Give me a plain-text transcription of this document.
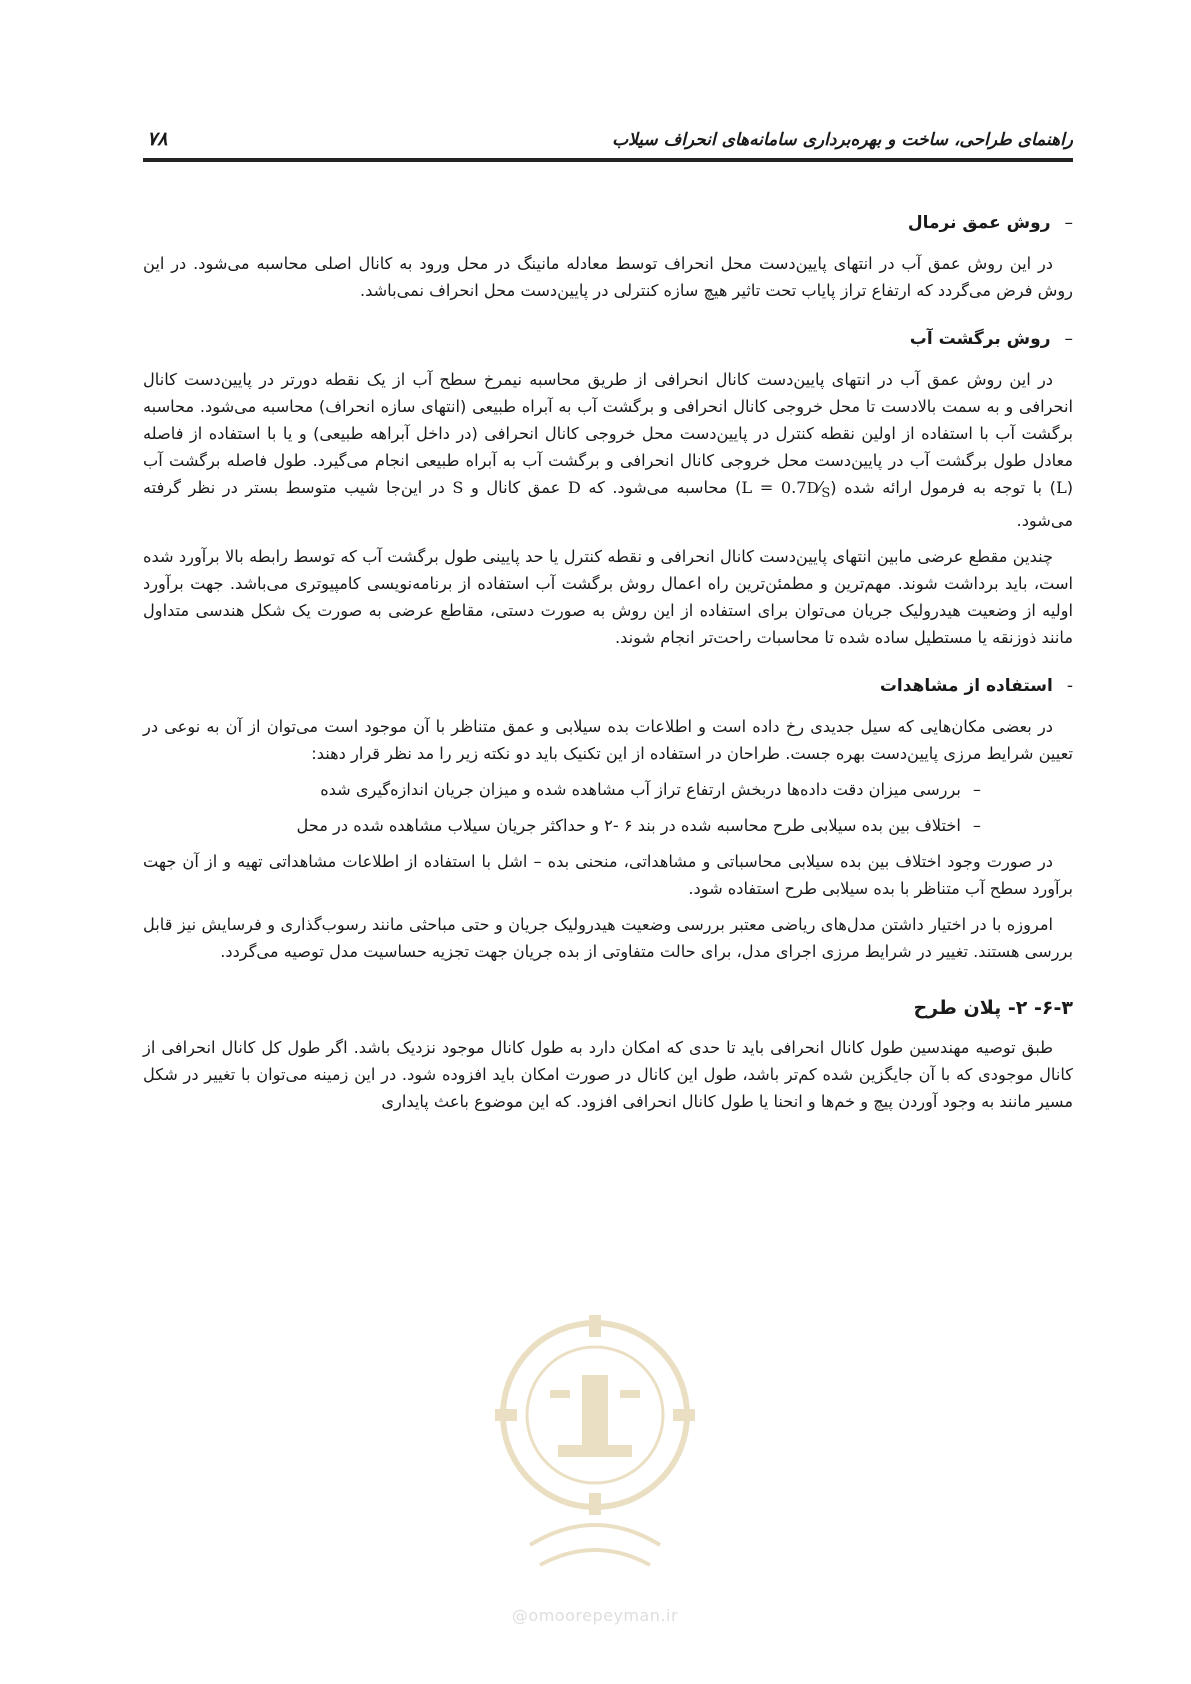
راهنمای طراحی، ساخت و بهره‌برداری سامانه‌های انحراف سیلاب
۷۸
–روش عمق نرمال

در این روش عمق آب در انتهای پایین‌دست محل انحراف توسط معادله مانینگ در محل ورود به کانال اصلی محاسبه می‌شود. در این روش فرض می‌گردد که ارتفاع تراز پایاب تحت تاثیر هیچ سازه کنترلی در پایین‌دست محل انحراف نمی‌باشد.

–روش برگشت آب

در این روش عمق آب در انتهای پایین‌دست کانال انحرافی از طریق محاسبه نیمرخ سطح آب از یک نقطه دورتر در پایین‌دست کانال انحرافی و به سمت بالادست تا محل خروجی کانال انحرافی و برگشت آب به آبراه طبیعی (انتهای سازه انحراف) محاسبه می‌شود. محاسبه برگشت آب با استفاده از اولین نقطه کنترل در پایین‌دست محل خروجی کانال انحرافی (در داخل آبراهه طبیعی) و یا با استفاده از فاصله معادل طول برگشت آب در پایین‌دست محل خروجی کانال انحرافی و برگشت آب به آبراه طبیعی انجام می‌گیرد. طول فاصله برگشت آب (L) با توجه به فرمول ارائه شده $(L = 0.7D⁄_S)$ محاسبه می‌شود. که D عمق کانال و S در این‌جا شیب متوسط بستر در نظر گرفته می‌شود.

چندین مقطع عرضی مابین انتهای پایین‌دست کانال انحرافی و نقطه کنترل یا حد پایینی طول برگشت آب که توسط رابطه بالا برآورد شده است، باید برداشت شوند. مهم‌ترین و مطمئن‌ترین راه اعمال روش برگشت آب استفاده از برنامه‌نویسی کامپیوتری می‌باشد. جهت برآورد اولیه از وضعیت هیدرولیک جریان می‌توان برای استفاده از این روش به صورت دستی، مقاطع عرضی به صورت یک شکل هندسی متداول مانند ذوزنقه یا مستطیل ساده شده تا محاسبات راحت‌تر انجام شوند.

-استفاده از مشاهدات

در بعضی مکان‌هایی که سیل جدیدی رخ داده است و اطلاعات بده سیلابی و عمق متناظر با آن موجود است می‌توان از آن به نوعی در تعیین شرایط مرزی پایین‌دست بهره جست. طراحان در استفاده از این تکنیک باید دو نکته زیر را مد نظر قرار دهند:

–بررسی میزان دقت داده‌ها دربخش ارتفاع تراز آب مشاهده شده و میزان جریان اندازه‌گیری شده
–اختلاف بین بده سیلابی طرح محاسبه شده در بند ۶ -۲ و حداکثر جریان سیلاب مشاهده شده در محل

در صورت وجود اختلاف بین بده سیلابی محاسباتی و مشاهداتی، منحنی بده – اشل با استفاده از اطلاعات مشاهداتی تهیه و از آن جهت برآورد سطح آب متناظر با بده سیلابی طرح استفاده شود.

امروزه با در اختیار داشتن مدل‌های ریاضی معتبر بررسی وضعیت هیدرولیک جریان و حتی مباحثی مانند رسوب‌گذاری و فرسایش نیز قابل بررسی هستند. تغییر در شرایط مرزی اجرای مدل، برای حالت متفاوتی از بده جریان جهت تجزیه حساسیت مدل توصیه می‌گردد.

۶-۳- ۲- پلان طرح

طبق توصیه مهندسین طول کانال انحرافی باید تا حدی که امکان دارد به طول کانال موجود نزدیک باشد. اگر طول کل کانال انحرافی از کانال موجودی که با آن جایگزین شده کم‌تر باشد، طول این کانال در صورت امکان باید افزوده شود. در این زمینه می‌توان با تغییر در شکل مسیر مانند به وجود آوردن پیچ و خم‌ها و انحنا یا طول کانال انحرافی افزود. که این موضوع باعث پایداری

@omoorepeyman.ir
